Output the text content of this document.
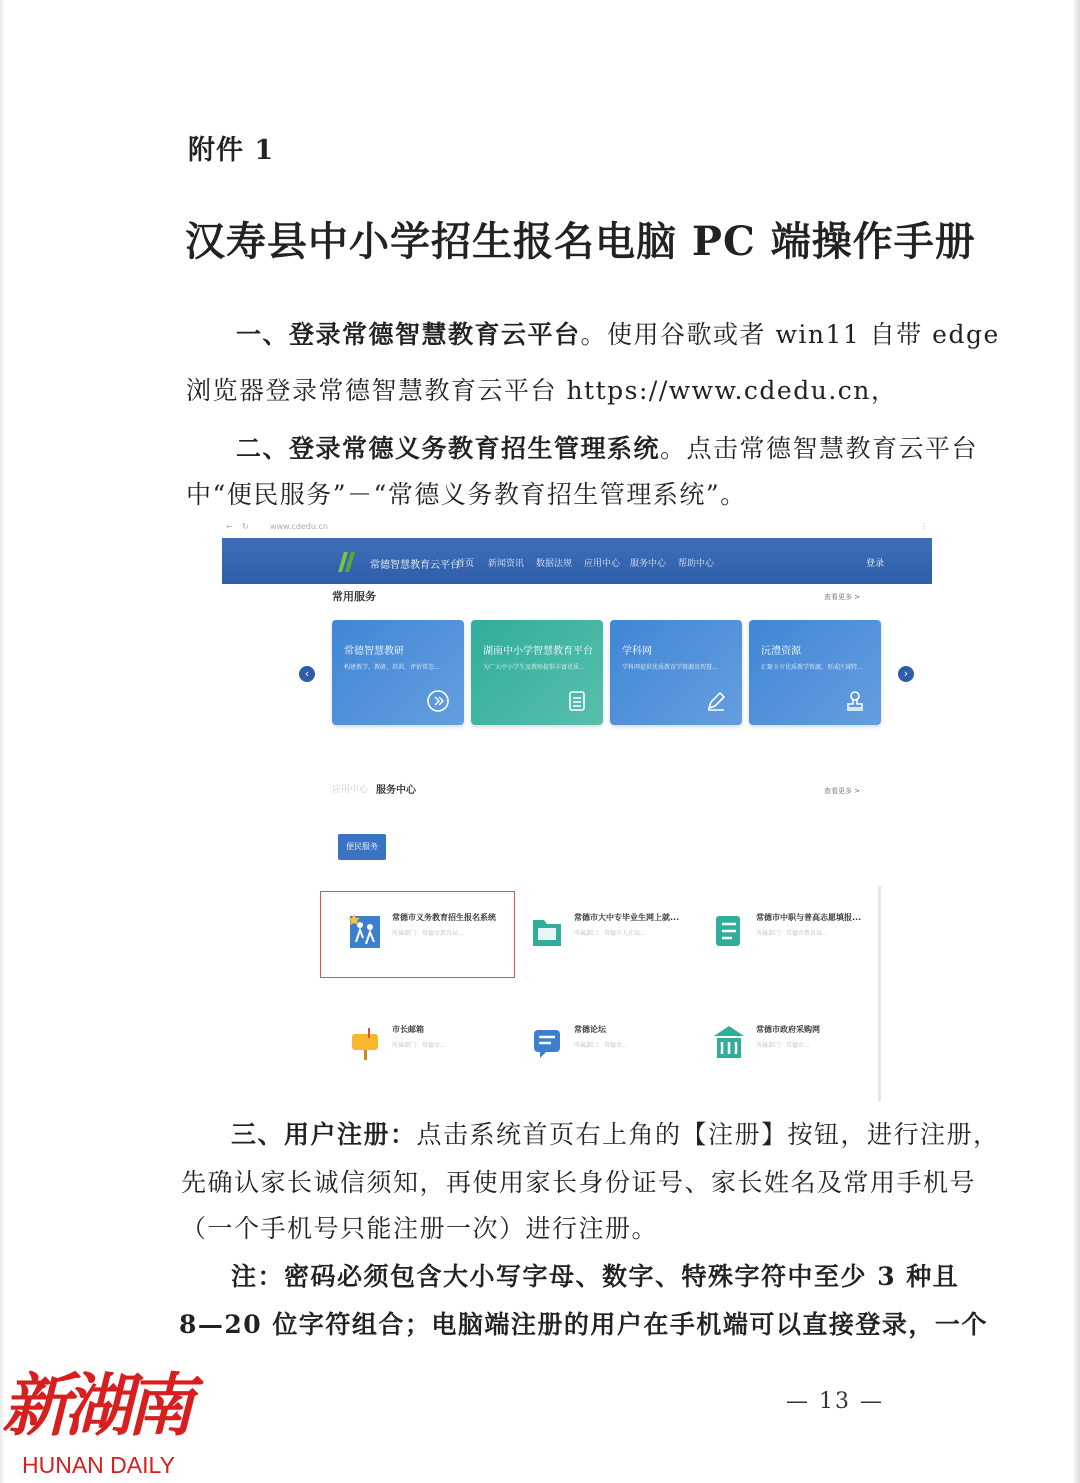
附件 1
汉寿县中小学招生报名电脑 PC 端操作手册
一、登录常德智慧教育云平台。使用谷歌或者 win11 自带 edge
浏览器登录常德智慧教育云平台 https://www.cdedu.cn，
二、登录常德义务教育招生管理系统。点击常德智慧教育云平台
中“便民服务”－“常德义务教育招生管理系统”。
← ↻	www.cdedu.cn	⋮
常德智慧教育云平台
首页 新闻资讯 数据法规 应用中心 服务中心 帮助中心	登录
常用服务	查看更多 >
‹	›
常德智慧教研
构建教学、教研、培训、评价常态...
湖南中小学智慧教育平台
为广大中小学生及教师提供丰富优质...
学科网
学科网提供优质教育学资源及智慧...
沅澧资源
汇聚全市优质教学资源，形成区域特...
应用中心 服务中心	查看更多 >
便民服务
常德市义务教育招生报名系统
所属部门：常德市教育局...
常德市大中专毕业生网上就...
所属部门：常德市人社局...
常德市中职与普高志愿填报...
所属部门：常德市教育局...
市长邮箱
所属部门：常德市...
常德论坛
所属部门：常德市...
常德市政府采购网
所属部门：常德市...
三、用户注册：点击系统首页右上角的【注册】按钮，进行注册，
先确认家长诚信须知，再使用家长身份证号、家长姓名及常用手机号
（一个手机号只能注册一次）进行注册。
注：密码必须包含大小写字母、数字、特殊字符中至少 3 种且
8—20 位字符组合；电脑端注册的用户在手机端可以直接登录，一个
— 13 —
新湖南
HUNAN DAILY
